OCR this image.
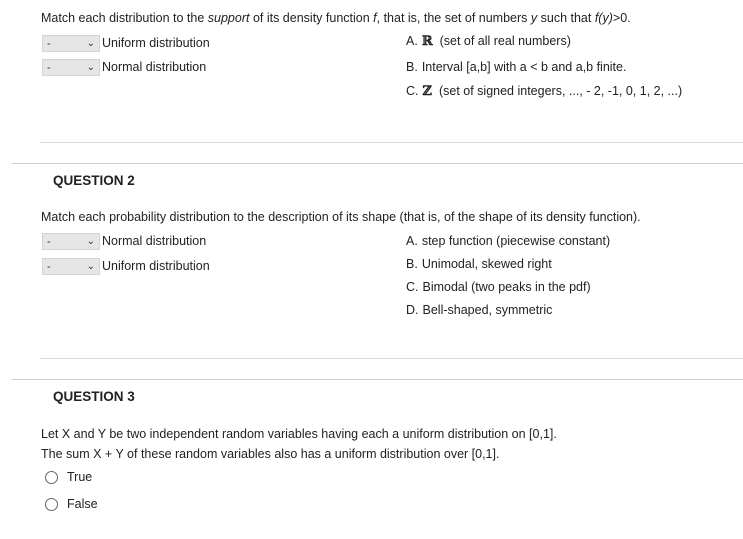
Match each distribution to the support of its density function f, that is, the set of numbers y such that f(y)>0.
-	⌄ Uniform distribution
-	⌄ Normal distribution
A. ℝ (set of all real numbers)
B. Interval [a,b] with a < b and a,b finite.
C. ℤ (set of signed integers, ..., - 2, -1, 0, 1, 2, ...)
QUESTION 2
Match each probability distribution to the description of its shape (that is, of the shape of its density function).
-	⌄ Normal distribution
-	⌄ Uniform distribution
A. step function (piecewise constant)
B. Unimodal, skewed right
C. Bimodal (two peaks in the pdf)
D. Bell-shaped, symmetric
QUESTION 3
Let X and Y be two independent random variables having each a uniform distribution on [0,1].
The sum X + Y of these random variables also has a uniform distribution over [0,1].
True
False
